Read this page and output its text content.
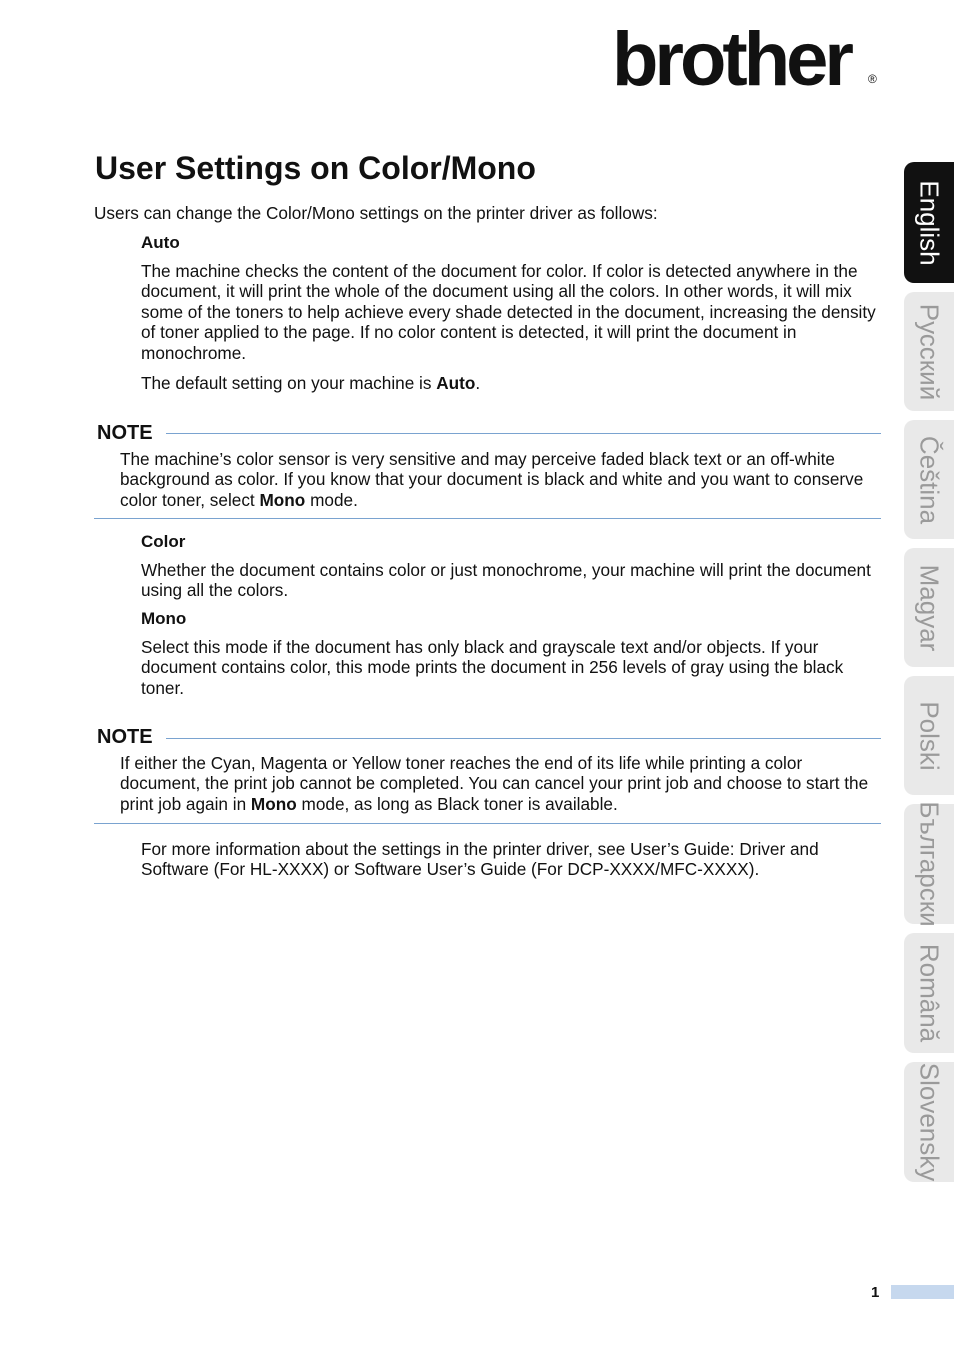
brother ®
User Settings on Color/Mono

Users can change the Color/Mono settings on the printer driver as follows:

Auto

The machine checks the content of the document for color. If color is detected anywhere in the document, it will print the whole of the document using all the colors. In other words, it will mix some of the toners to help achieve every shade detected in the document, increasing the density of toner applied to the page. If no color content is detected, it will print the document in monochrome.

The default setting on your machine is Auto.

NOTE

The machine’s color sensor is very sensitive and may perceive faded black text or an off-white background as color. If you know that your document is black and white and you want to conserve color toner, select Mono mode.

Color

Whether the document contains color or just monochrome, your machine will print the document using all the colors.

Mono

Select this mode if the document has only black and grayscale text and/or objects. If your document contains color, this mode prints the document in 256 levels of gray using the black toner.

NOTE

If either the Cyan, Magenta or Yellow toner reaches the end of its life while printing a color document, the print job cannot be completed. You can cancel your print job and choose to start the print job again in Mono mode, as long as Black toner is available.

For more information about the settings in the printer driver, see User’s Guide: Driver and Software (For HL-XXXX) or Software User’s Guide (For DCP-XXXX/MFC-XXXX).

English
Русский
Čeština
Magyar
Polski
Български
Română
Slovensky
1
